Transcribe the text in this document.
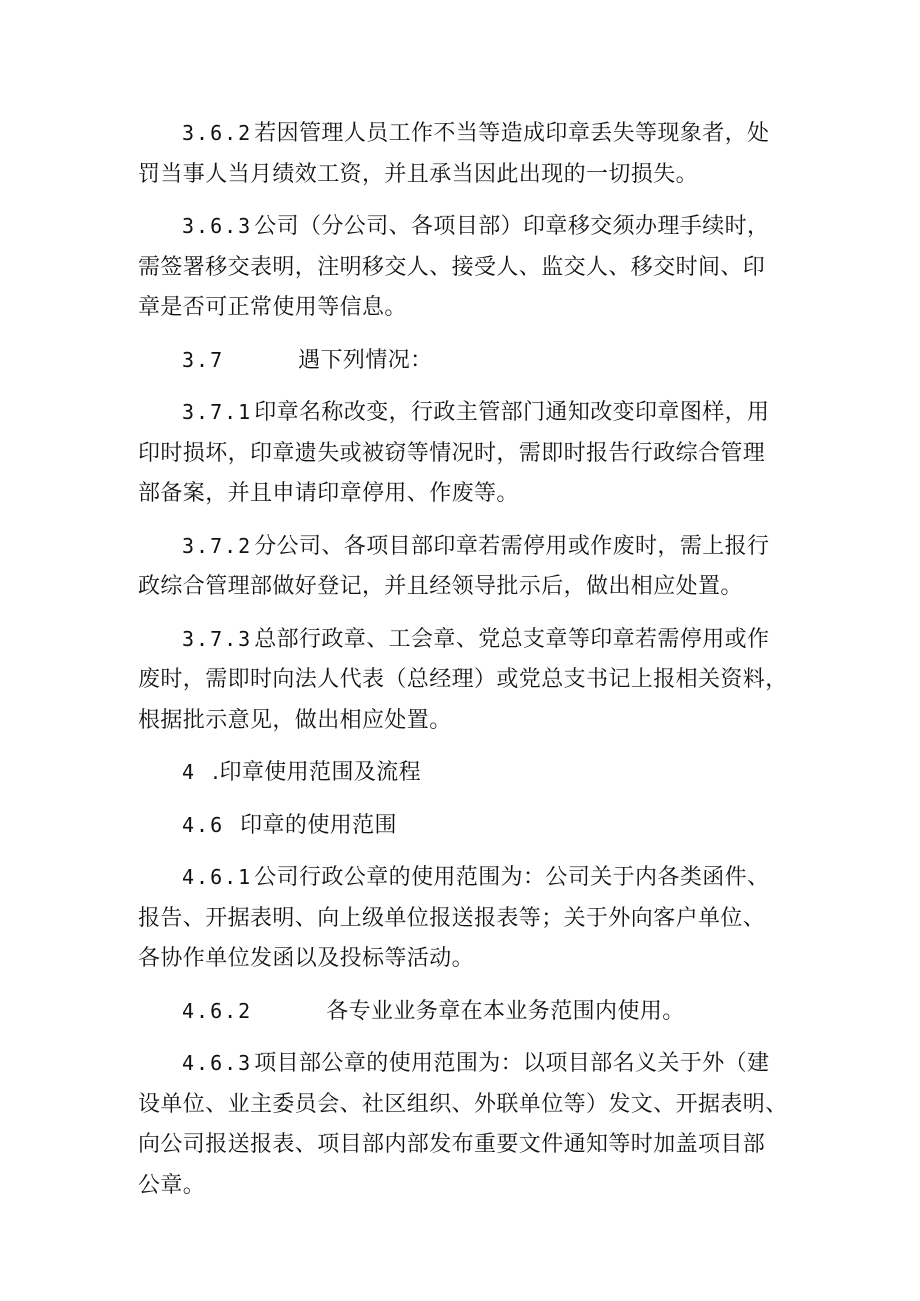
3.6.2若因管理人员工作不当等造成印章丢失等现象者，处
罚当事人当月绩效工资，并且承当因此出现的一切损失。

3.6.3公司（分公司、各项目部）印章移交须办理手续时，
需签署移交表明，注明移交人、接受人、监交人、移交时间、印
章是否可正常使用等信息。

3.7	遇下列情况：

3.7.1印章名称改变，行政主管部门通知改变印章图样，用
印时损坏，印章遗失或被窃等情况时，需即时报告行政综合管理
部备案，并且申请印章停用、作废等。

3.7.2分公司、各项目部印章若需停用或作废时，需上报行
政综合管理部做好登记，并且经领导批示后，做出相应处置。

3.7.3总部行政章、工会章、党总支章等印章若需停用或作
废时，需即时向法人代表（总经理）或党总支书记上报相关资料，
根据批示意见，做出相应处置。

4 .印章使用范围及流程

4.6 印章的使用范围

4.6.1公司行政公章的使用范围为：公司关于内各类函件、
报告、开据表明、向上级单位报送报表等；关于外向客户单位、
各协作单位发函以及投标等活动。

4.6.2	各专业业务章在本业务范围内使用。

4.6.3项目部公章的使用范围为：以项目部名义关于外（建
设单位、业主委员会、社区组织、外联单位等）发文、开据表明、
向公司报送报表、项目部内部发布重要文件通知等时加盖项目部
公章。
